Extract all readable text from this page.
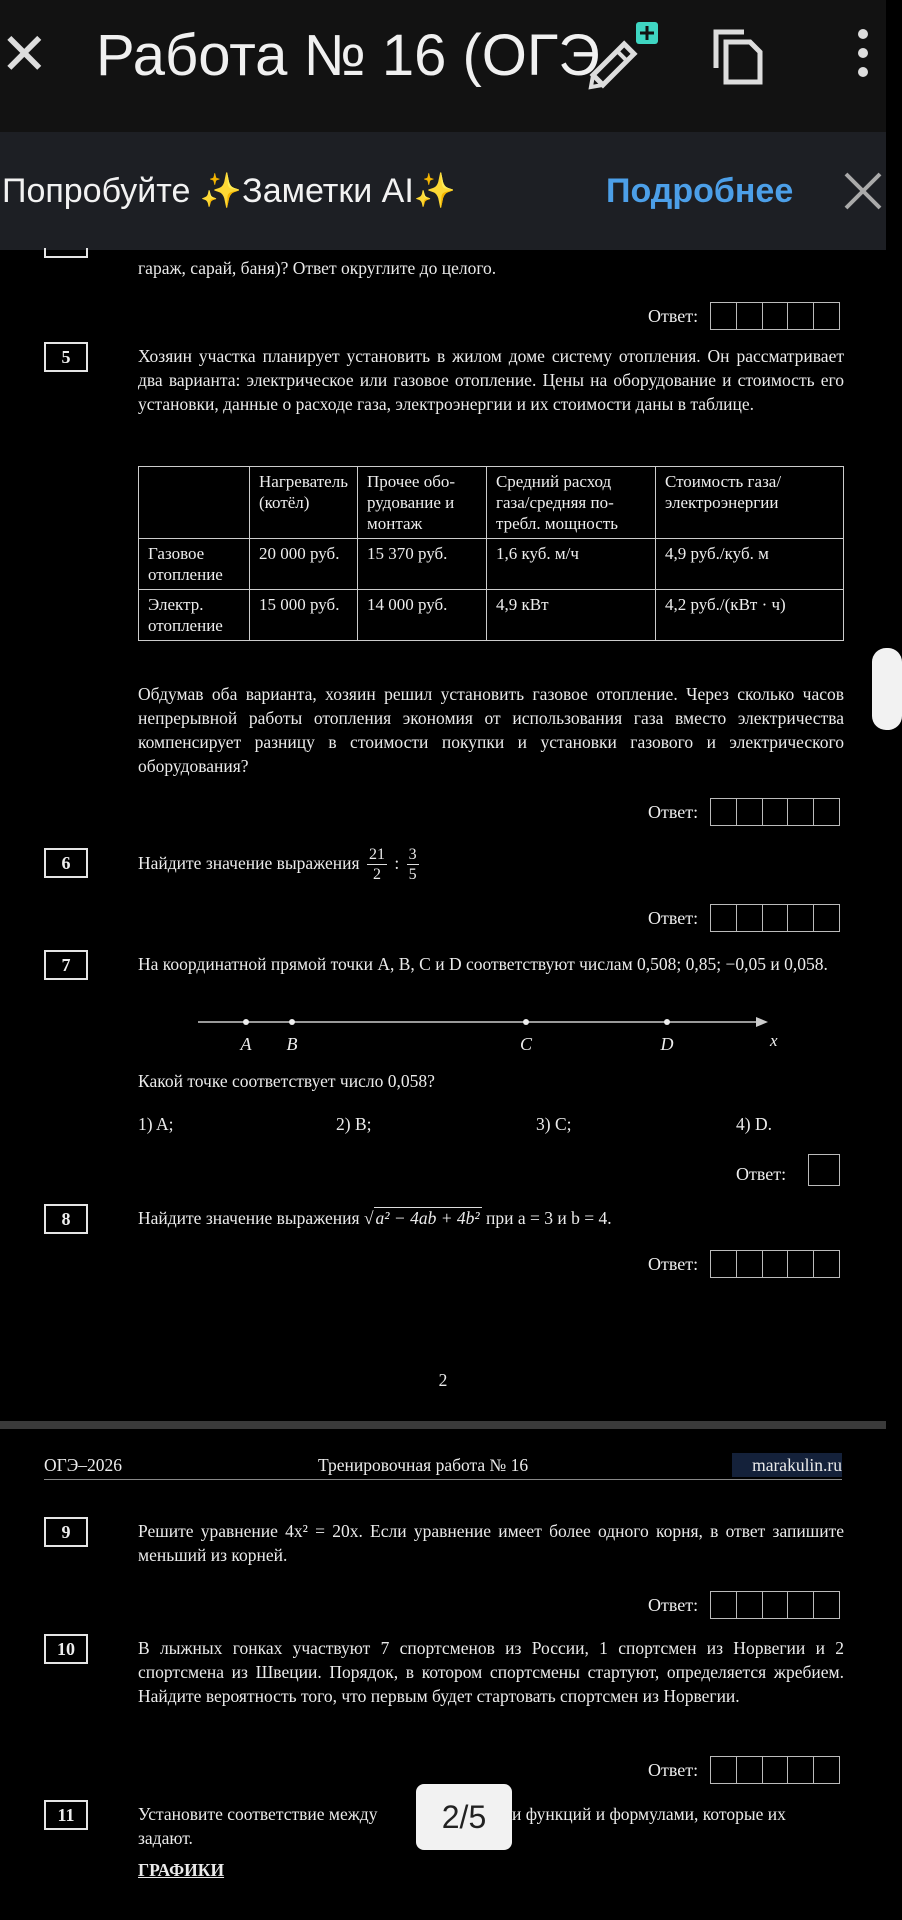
✕ Работа № 16 (ОГЭ
Попробуйте ✨Заметки AI✨	Подробнее
гараж, сарай, баня)? Ответ округлите до целого.
Ответ:
5	Хозяин участка планирует установить в жилом доме систему отопления. Он рассматривает два варианта: электрическое или газовое отопление. Цены на оборудование и стоимость его установки, данные о расходе газа, электроэнергии и их стоимости даны в таблице.
	Нагреватель (котёл)	Прочее обо- рудование и монтаж	Средний расход газа/средняя по- требл. мощность	Стоимость газа/ электроэнергии
Газовое отопление	20 000 руб.	15 370 руб.	1,6 куб. м/ч	4,9 руб./куб. м
Электр. отопление	15 000 руб.	14 000 руб.	4,9 кВт	4,2 руб./(кВт · ч)
Обдумав оба варианта, хозяин решил установить газовое отопление. Через сколько часов непрерывной работы отопления экономия от использования газа вместо электричества компенсирует разницу в стоимости покупки и установки газового и электрического оборудования?
Ответ:
6	Найдите значение выражения $\frac{21}{2}$ : $\frac{3}{5}$
Ответ:
7	На координатной прямой точки A, B, C и D соответствуют числам 0,508; 0,85; −0,05 и 0,058.
A B	C	D	x
Какой точке соответствует число 0,058?
1) A;	2) B;	3) C;	4) D.
Ответ:
8	Найдите значение выражения √ a² − 4ab + 4b² при a = 3 и b = 4.
Ответ:
2
ОГЭ–2026	Тренировочная работа № 16	marakulin.ru
9	Решите уравнение 4x² = 20x. Если уравнение имеет более одного корня, в ответ запишите меньший из корней.
Ответ:
10	В лыжных гонках участвуют 7 спортсменов из России, 1 спортсмен из Норвегии и 2 спортсмена из Швеции. Порядок, в котором спортсмены стартуют, определяется жребием. Найдите вероятность того, что первым будет стартовать спортсмен из Норвегии.
Ответ:
11	Установите соответствие между	и функций и формулами, которые их
задают.
ГРАФИКИ
2/5
